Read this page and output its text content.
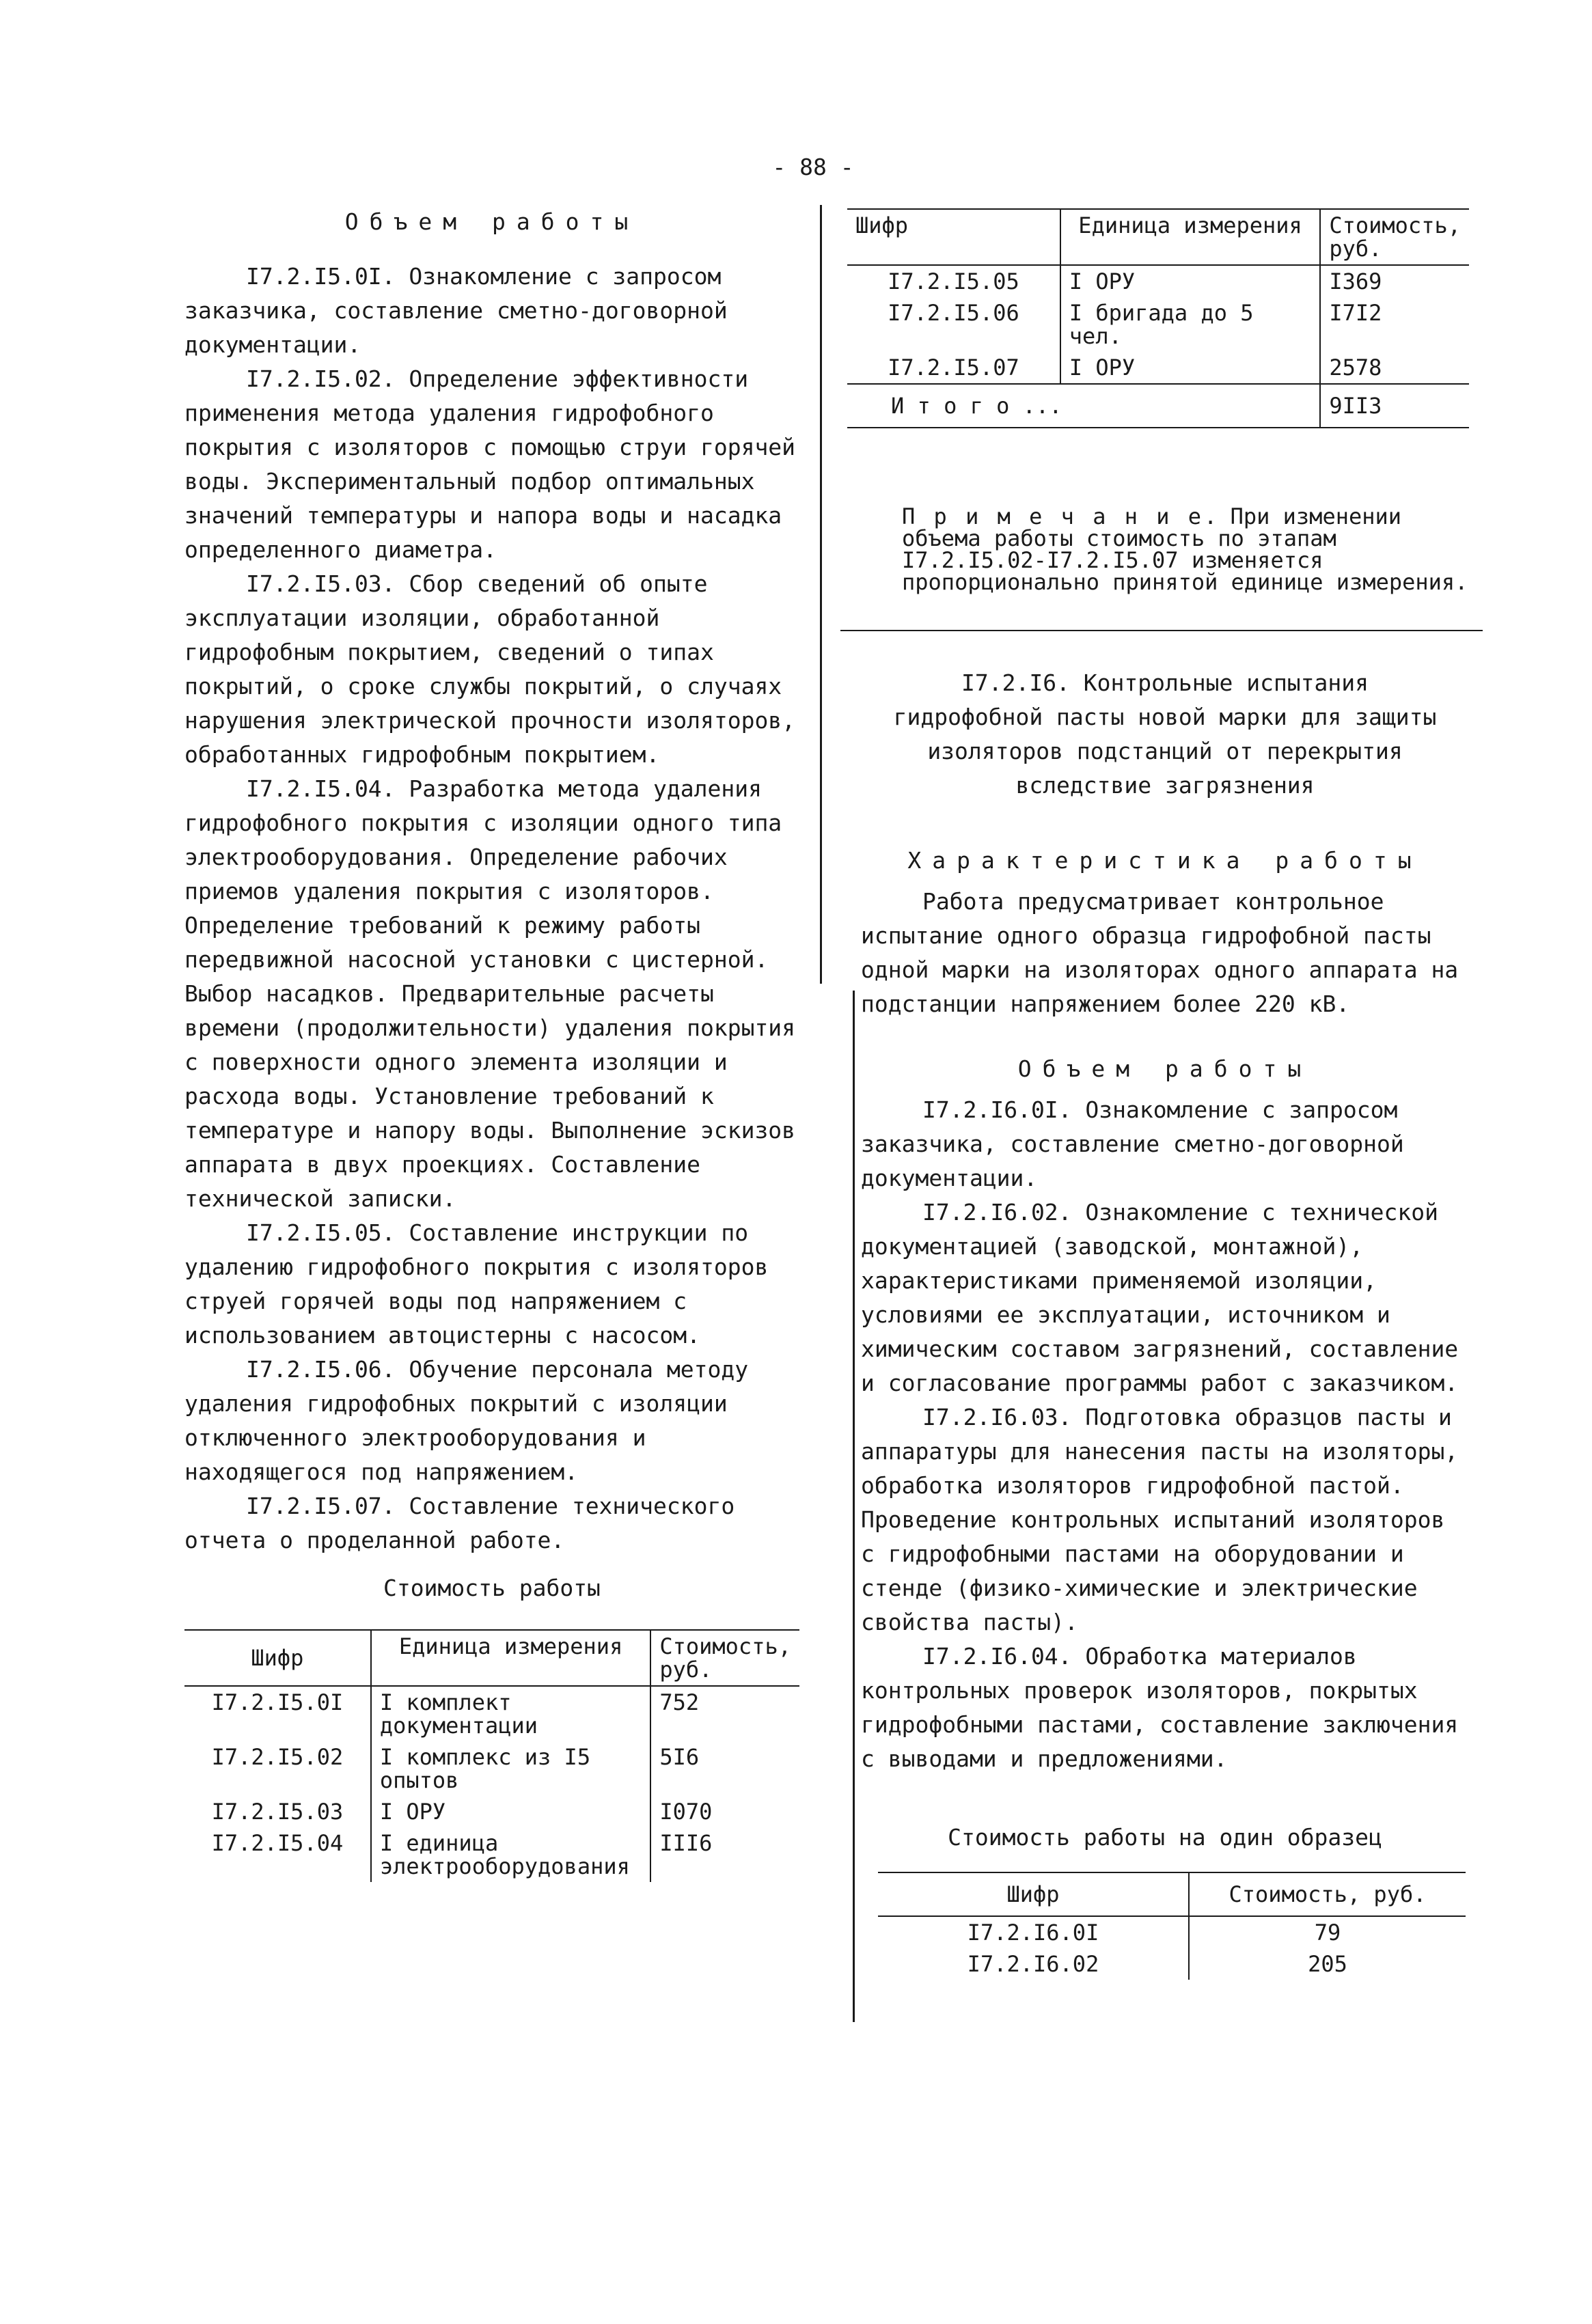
- 88 -
Объем работы

I7.2.I5.0I. Ознакомление с запросом заказчика, составление сметно-договорной документации.

I7.2.I5.02. Определение эффективности применения метода удаления гидрофобного покрытия с изоляторов с помощью струи горячей воды. Экспериментальный подбор оптимальных значений температуры и напора воды и насадка определенного диаметра.

I7.2.I5.03. Сбор сведений об опыте эксплуатации изоляции, обработанной гидрофобным покрытием, сведений о типах покрытий, о сроке службы покрытий, о случаях нарушения электрической прочности изоляторов, обработанных гидрофобным покрытием.

I7.2.I5.04. Разработка метода удаления гидрофобного покрытия с изоляции одного типа электрооборудования. Определение рабочих приемов удаления покрытия с изоляторов. Определение требований к режиму работы передвижной насосной установки с цистерной. Выбор насадков. Предварительные расчеты времени (продолжительности) удаления покрытия с поверхности одного элемента изоляции и расхода воды. Установление требований к температуре и напору воды. Выполнение эскизов аппарата в двух проекциях. Составление технической записки.

I7.2.I5.05. Составление инструкции по удалению гидрофобного покрытия с изоляторов струей горячей воды под напряжением с использованием автоцистерны с насосом.

I7.2.I5.06. Обучение персонала методу удаления гидрофобных покрытий с изоляции отключенного электрооборудования и находящегося под напряжением.

I7.2.I5.07. Составление технического отчета о проделанной работе.

Стоимость работы
Шифр	Единица измерения	Стоимость, руб.
I7.2.I5.0I	I комплект документации	752
I7.2.I5.02	I комплекс из I5 опытов	5I6
I7.2.I5.03	I ОРУ	I070
I7.2.I5.04	I единица электрооборудования	III6
Шифр	Единица измерения	Стоимость, руб.
I7.2.I5.05	I ОРУ	I369
I7.2.I5.06	I бригада до 5 чел.	I7I2
I7.2.I5.07	I ОРУ	2578
И т о г о ...		9II3
П р и м е ч а н и е. При изменении объема работы стоимость по этапам I7.2.I5.02-I7.2.I5.07 изменяется пропорционально принятой единице измерения.

I7.2.I6. Контрольные испытания гидрофобной пасты новой марки для защиты изоляторов подстанций от перекрытия вследствие загрязнения

Характеристика работы

Работа предусматривает контрольное испытание одного образца гидрофобной пасты одной марки на изоляторах одного аппарата на подстанции напряжением более 220 кВ.

Объем работы

I7.2.I6.0I. Ознакомление с запросом заказчика, составление сметно-договорной документации.

I7.2.I6.02. Ознакомление с технической документацией (заводской, монтажной), характеристиками применяемой изоляции, условиями ее эксплуатации, источником и химическим составом загрязнений, составление и согласование программы работ с заказчиком.

I7.2.I6.03. Подготовка образцов пасты и аппаратуры для нанесения пасты на изоляторы, обработка изоляторов гидрофобной пастой. Проведение контрольных испытаний изоляторов с гидрофобными пастами на оборудовании и стенде (физико-химические и электрические свойства пасты).

I7.2.I6.04. Обработка материалов контрольных проверок изоляторов, покрытых гидрофобными пастами, составление заключения с выводами и предложениями.

Стоимость работы на один образец
Шифр	Стоимость, руб.
I7.2.I6.0I	79
I7.2.I6.02	205
